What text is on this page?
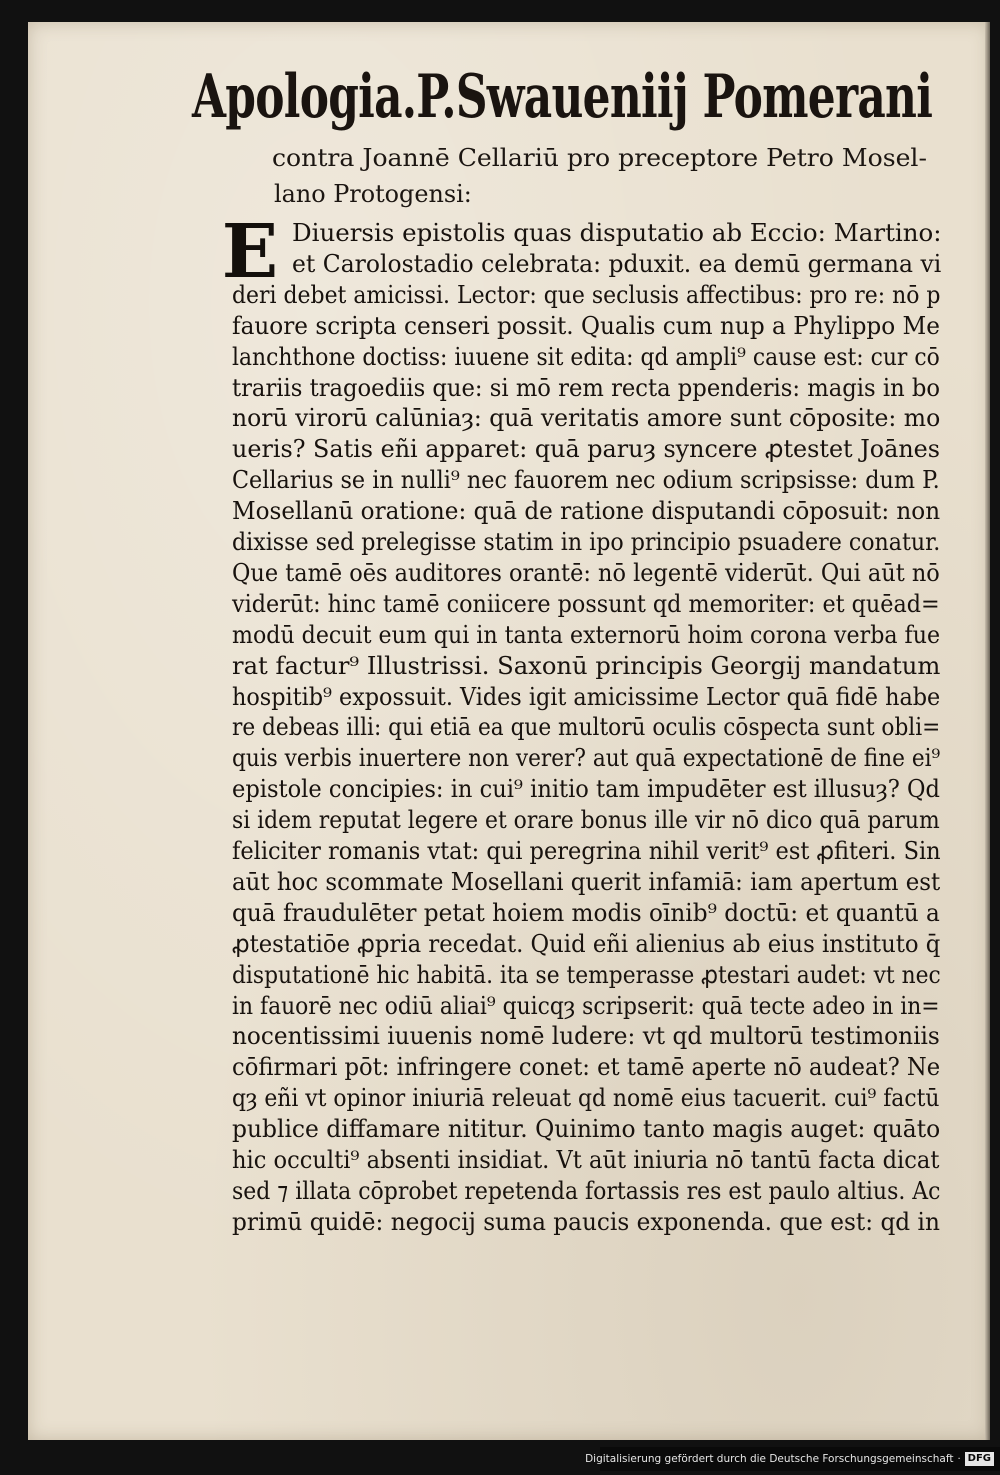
Apologia.P.Swaueniij Pomerani
contra Joannē Cellariū pro preceptore Petro Mosel-
lano Protogensi:
E Diuersis epistolis quas disputatio ab Eccio: Martino:
et Carolostadio celebrata: pduxit. ea demū germana vi
deri debet amicissi. Lector: que seclusis affectibus: pro re: nō p
fauore scripta censeri possit. Qualis cum nup a Phylippo Me
lanchthone doctiss: iuuene sit edita: qd ampli⁹ cause est: cur cō
trariis tragoediis que: si mō rem recta ppenderis: magis in bo
norū virorū calūniaȝ: quā veritatis amore sunt cōposite: mo
ueris? Satis eñi apparet: quā paruȝ syncere ꝓtestet Joānes
Cellarius se in nulli⁹ nec fauorem nec odium scripsisse: dum P.
Mosellanū oratione: quā de ratione disputandi cōposuit: non
dixisse sed prelegisse statim in ipo principio psuadere conatur.
Que tamē oēs auditores orantē: nō legentē viderūt. Qui aūt nō
viderūt: hinc tamē coniicere possunt qd memoriter: et quēad=
modū decuit eum qui in tanta externorū hoim corona verba fue
rat factur⁹ Illustrissi. Saxonū principis Georgij mandatum
hospitib⁹ expossuit. Vides igit amicissime Lector quā fidē habe
re debeas illi: qui etiā ea que multorū oculis cōspecta sunt obli=
quis verbis inuertere non verer? aut quā expectationē de fine ei⁹
epistole concipies: in cui⁹ initio tam impudēter est illusuȝ? Qd
si idem reputat legere et orare bonus ille vir nō dico quā parum
feliciter romanis vtat: qui peregrina nihil verit⁹ est ꝓfiteri. Sin
aūt hoc scommate Mosellani querit infamiā: iam apertum est
quā fraudulēter petat hoiem modis oīnib⁹ doctū: et quantū a
ꝓtestatiōe ꝓpria recedat. Quid eñi alienius ab eius instituto q̄
disputationē hic habitā. ita se temperasse ꝓtestari audet: vt nec
in fauorē nec odiū aliai⁹ quicqȝ scripserit: quā tecte adeo in in=
nocentissimi iuuenis nomē ludere: vt qd multorū testimoniis
cōfirmari pōt: infringere conet: et tamē aperte nō audeat? Ne
qȝ eñi vt opinor iniuriā releuat qd nomē eius tacuerit. cui⁹ factū
publice diffamare nititur. Quinimo tanto magis auget: quāto
hic occulti⁹ absenti insidiat. Vt aūt iniuria nō tantū facta dicat
sed ⁊ illata cōprobet repetenda fortassis res est paulo altius. Ac
primū quidē: negocij suma paucis exponenda. que est: qd in
Digitalisierung gefördert durch die Deutsche Forschungsgemeinschaft · DFG
